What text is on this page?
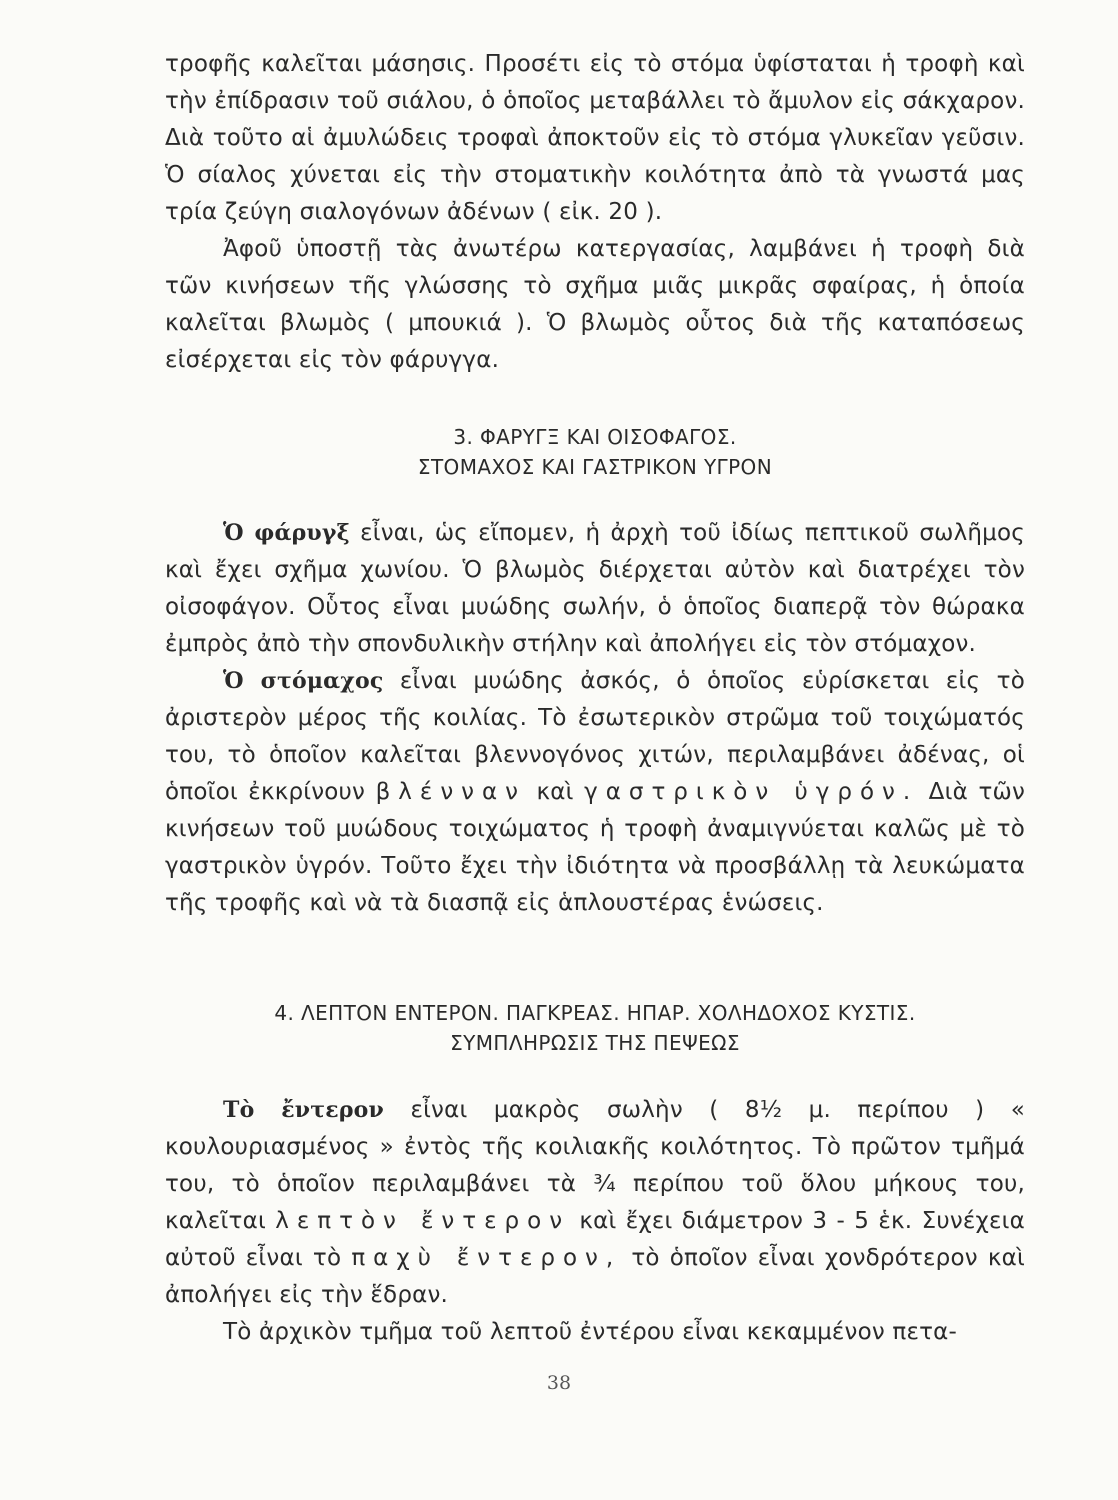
τροφῆς καλεῖται μάσησις. Προσέτι εἰς τὸ στόμα ὑφίσταται ἡ τροφὴ καὶ τὴν ἐπίδρασιν τοῦ σιάλου, ὁ ὁποῖος μεταβάλλει τὸ ἄμυλον εἰς σάκχαρον. Διὰ τοῦτο αἱ ἀμυλώδεις τροφαὶ ἀποκτοῦν εἰς τὸ στόμα γλυκεῖαν γεῦσιν. Ὁ σίαλος χύνεται εἰς τὴν στοματικὴν κοιλότητα ἀπὸ τὰ γνωστά μας τρία ζεύγη σιαλογόνων ἀδένων ( εἰκ. 20 ).

Ἀφοῦ ὑποστῇ τὰς ἀνωτέρω κατεργασίας, λαμβάνει ἡ τροφὴ διὰ τῶν κινήσεων τῆς γλώσσης τὸ σχῆμα μιᾶς μικρᾶς σφαίρας, ἡ ὁποία καλεῖται βλωμὸς ( μπουκιά ). Ὁ βλωμὸς οὗτος διὰ τῆς καταπόσεως εἰσέρχεται εἰς τὸν φάρυγγα.

3. ΦΑΡΥΓΞ ΚΑΙ ΟΙΣΟΦΑΓΟΣ.
ΣΤΟΜΑΧΟΣ ΚΑΙ ΓΑΣΤΡΙΚΟΝ ΥΓΡΟΝ

Ὁ φάρυγξ εἶναι, ὡς εἴπομεν, ἡ ἀρχὴ τοῦ ἰδίως πεπτικοῦ σωλῆμος καὶ ἔχει σχῆμα χωνίου. Ὁ βλωμὸς διέρχεται αὐτὸν καὶ διατρέχει τὸν οἰσοφάγον. Οὗτος εἶναι μυώδης σωλήν, ὁ ὁποῖος διαπερᾷ τὸν θώρακα ἐμπρὸς ἀπὸ τὴν σπονδυλικὴν στήλην καὶ ἀπολήγει εἰς τὸν στόμαχον.

Ὁ στόμαχος εἶναι μυώδης ἀσκός, ὁ ὁποῖος εὑρίσκεται εἰς τὸ ἀριστερὸν μέρος τῆς κοιλίας. Τὸ ἐσωτερικὸν στρῶμα τοῦ τοιχώματός του, τὸ ὁποῖον καλεῖται βλεννογόνος χιτών, περιλαμβάνει ἀδένας, οἱ ὁποῖοι ἐκκρίνουν βλένναν καὶ γαστρικὸν ὑγρόν. Διὰ τῶν κινήσεων τοῦ μυώδους τοιχώματος ἡ τροφὴ ἀναμιγνύεται καλῶς μὲ τὸ γαστρικὸν ὑγρόν. Τοῦτο ἔχει τὴν ἰδιότητα νὰ προσβάλλῃ τὰ λευκώματα τῆς τροφῆς καὶ νὰ τὰ διασπᾷ εἰς ἁπλουστέρας ἑνώσεις.

4. ΛΕΠΤΟΝ ΕΝΤΕΡΟΝ. ΠΑΓΚΡΕΑΣ. ΗΠΑΡ. ΧΟΛΗΔΟΧΟΣ ΚΥΣΤΙΣ.
ΣΥΜΠΛΗΡΩΣΙΣ ΤΗΣ ΠΕΨΕΩΣ

Τὸ ἔντερον εἶναι μακρὸς σωλὴν ( 8½ μ. περίπου ) « κουλουριασμένος » ἐντὸς τῆς κοιλιακῆς κοιλότητος. Τὸ πρῶτον τμῆμά του, τὸ ὁποῖον περιλαμβάνει τὰ ¾ περίπου τοῦ ὅλου μήκους του, καλεῖται λεπτὸν ἔντερον καὶ ἔχει διάμετρον 3 - 5 ἑκ. Συνέχεια αὐτοῦ εἶναι τὸ παχὺ ἔντερον, τὸ ὁποῖον εἶναι χονδρότερον καὶ ἀπολήγει εἰς τὴν ἕδραν.

Τὸ ἀρχικὸν τμῆμα τοῦ λεπτοῦ ἐντέρου εἶναι κεκαμμένον πετα-

38
